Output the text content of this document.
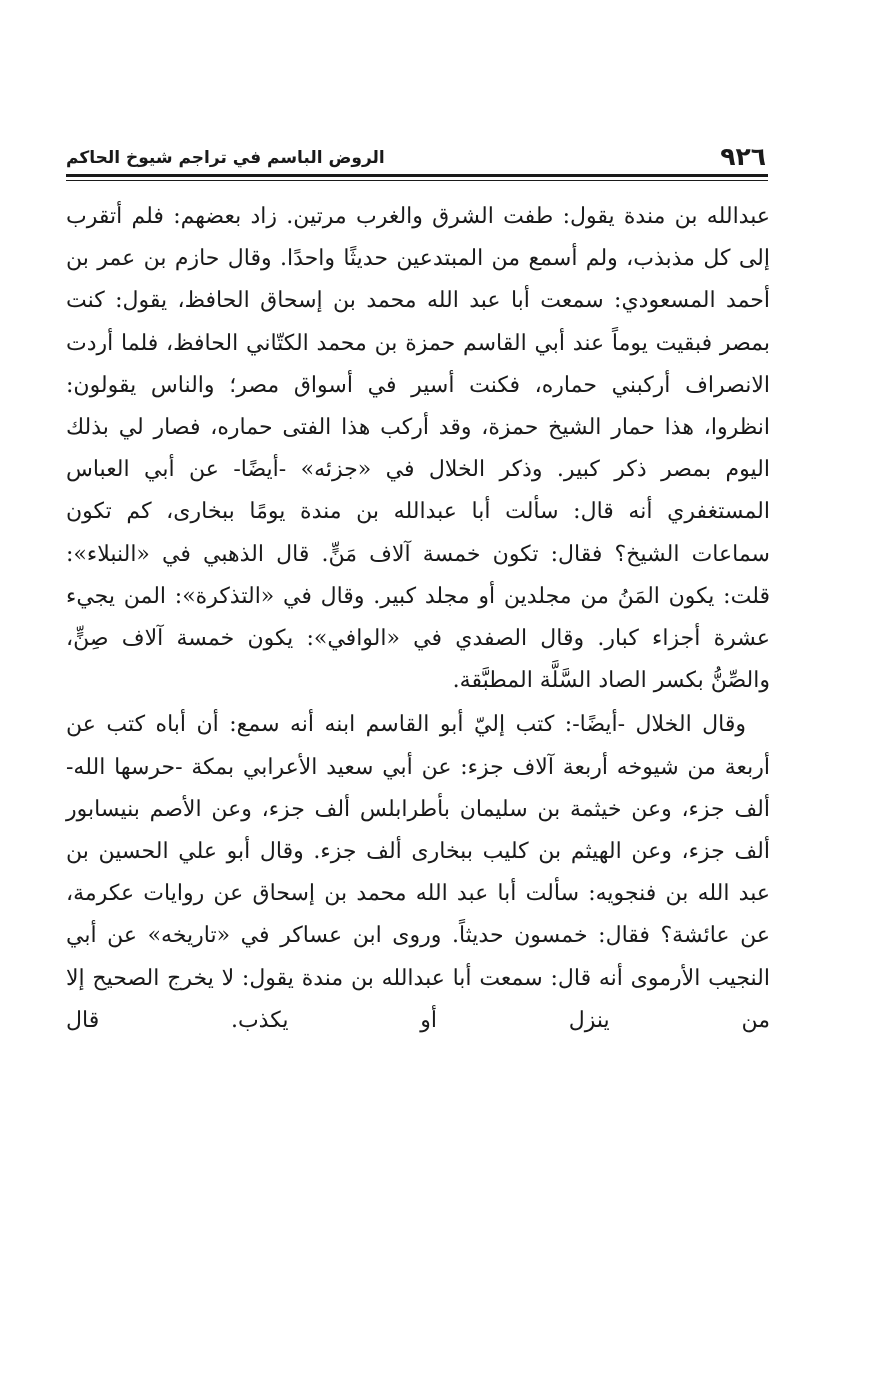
٩٢٦
الروض الباسم في تراجم شيوخ الحاكم

عبدالله بن مندة يقول: طفت الشرق والغرب مرتين. زاد بعضهم: فلم أتقرب إلى كل مذبذب، ولم أسمع من المبتدعين حديثًا واحدًا. وقال حازم بن عمر بن أحمد المسعودي: سمعت أبا عبد الله محمد بن إسحاق الحافظ، يقول: كنت بمصر فبقيت يوماً عند أبي القاسم حمزة بن محمد الكتّاني الحافظ، فلما أردت الانصراف أركبني حماره، فكنت أسير في أسواق مصر؛ والناس يقولون: انظروا، هذا حمار الشيخ حمزة، وقد أركب هذا الفتى حماره، فصار لي بذلك اليوم بمصر ذكر كبير. وذكر الخلال في «جزئه» -أيضًا- عن أبي العباس المستغفري أنه قال: سألت أبا عبدالله بن مندة يومًا ببخارى، كم تكون سماعات الشيخ؟ فقال: تكون خمسة آلاف مَنٍّ. قال الذهبي في «النبلاء»: قلت: يكون المَنُ من مجلدين أو مجلد كبير. وقال في «التذكرة»: المن يجيء عشرة أجزاء كبار. وقال الصفدي في «الوافي»: يكون خمسة آلاف صِنٍّ، والصِّنُّ بكسر الصاد السَّلَّة المطبَّقة.

وقال الخلال -أيضًا-: كتب إليّ أبو القاسم ابنه أنه سمع: أن أباه كتب عن أربعة من شيوخه أربعة آلاف جزء: عن أبي سعيد الأعرابي بمكة -حرسها الله- ألف جزء، وعن خيثمة بن سليمان بأطرابلس ألف جزء، وعن الأصم بنيسابور ألف جزء، وعن الهيثم بن كليب ببخارى ألف جزء. وقال أبو علي الحسين بن عبد الله بن فنجويه: سألت أبا عبد الله محمد بن إسحاق عن روايات عكرمة، عن عائشة؟ فقال: خمسون حديثاً. وروى ابن عساكر في «تاريخه» عن أبي النجيب الأرموى أنه قال: سمعت أبا عبدالله بن مندة يقول: لا يخرج الصحيح إلا من ينزل أو يكذب. قال
